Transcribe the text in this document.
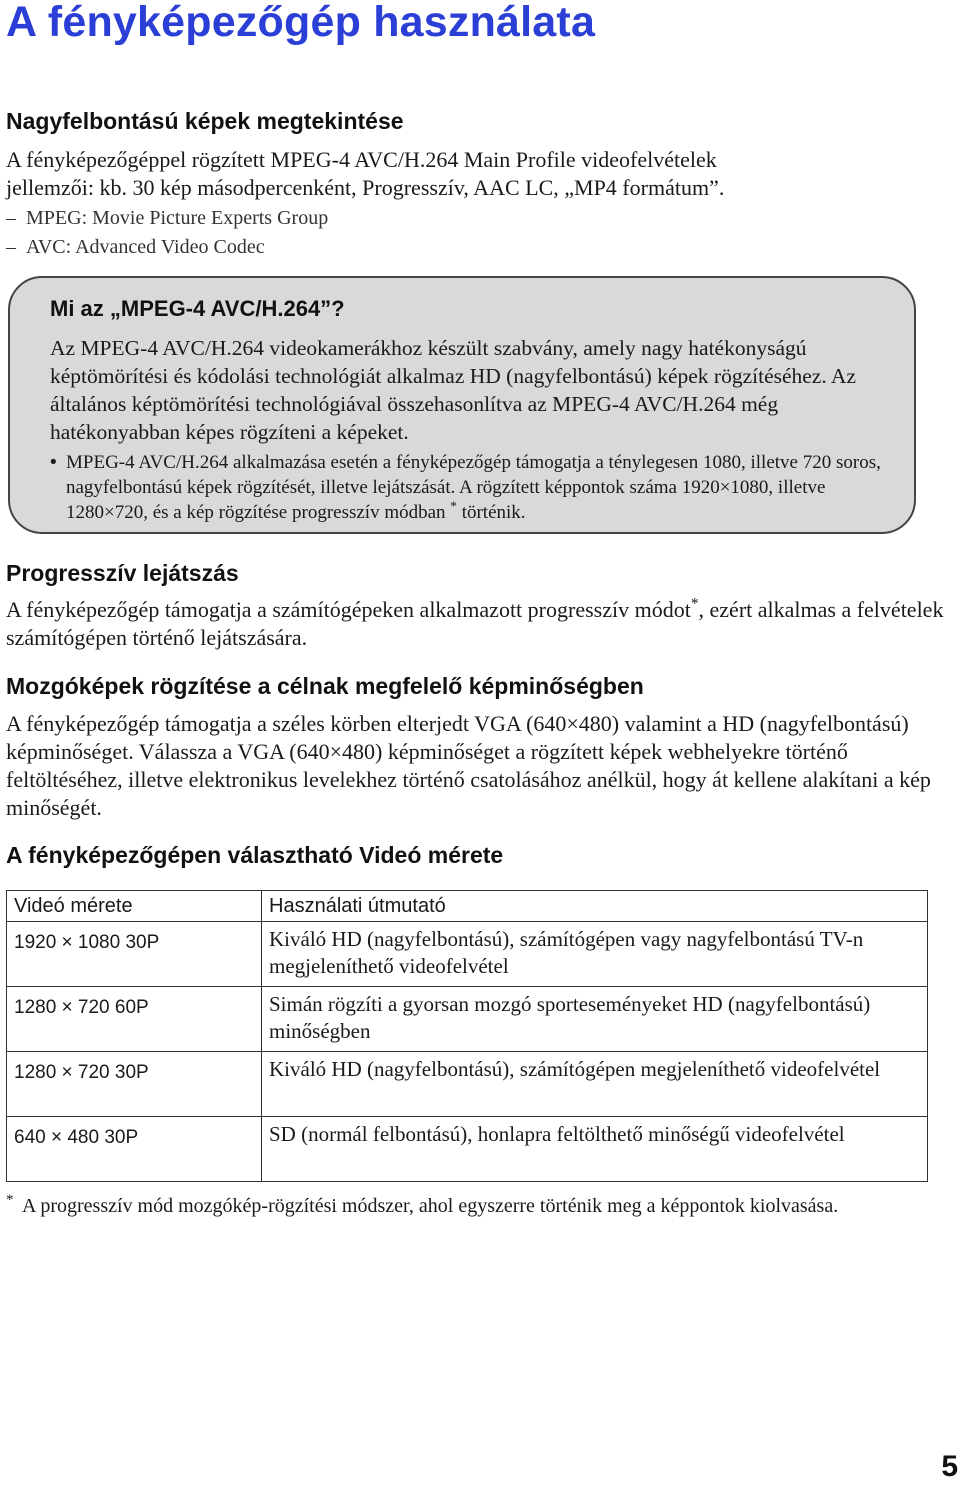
A fényképezőgép használata
Nagyfelbontású képek megtekintése

A fényképezőgéppel rögzített MPEG-4 AVC/H.264 Main Profile videofelvételek

jellemzői: kb. 30 kép másodpercenként, Progresszív, AAC LC, „MP4 formátum”.

– MPEG: Movie Picture Experts Group

– AVC: Advanced Video Codec

Mi az „MPEG-4 AVC/H.264”?

Az MPEG-4 AVC/H.264 videokamerákhoz készült szabvány, amely nagy hatékonyságú képtömörítési és kódolási technológiát alkalmaz HD (nagyfelbontású) képek rögzítéséhez. Az általános képtömörítési technológiával összehasonlítva az MPEG-4 AVC/H.264 még hatékonyabban képes rögzíteni a képeket.

• MPEG-4 AVC/H.264 alkalmazása esetén a fényképezőgép támogatja a ténylegesen 1080, illetve 720 soros, nagyfelbontású képek rögzítését, illetve lejátszását. A rögzített képpontok száma 1920×1080, illetve 1280×720, és a kép rögzítése progresszív módban * történik.

Progresszív lejátszás

A fényképezőgép támogatja a számítógépeken alkalmazott progresszív módot*, ezért alkalmas a felvételek számítógépen történő lejátszására.

Mozgóképek rögzítése a célnak megfelelő képminőségben

A fényképezőgép támogatja a széles körben elterjedt VGA (640×480) valamint a HD (nagyfelbontású) képminőséget. Válassza a VGA (640×480) képminőséget a rögzített képek webhelyekre történő feltöltéséhez, illetve elektronikus levelekhez történő csatolásához anélkül, hogy át kellene alakítani a kép minőségét.

A fényképezőgépen választható Videó mérete
Videó mérete	Használati útmutató
1920 × 1080 30P	Kiváló HD (nagyfelbontású), számítógépen vagy nagyfelbontású TV-n megjeleníthető videofelvétel
1280 × 720 60P	Simán rögzíti a gyorsan mozgó sporteseményeket HD (nagyfelbontású) minőségben
1280 × 720 30P	Kiváló HD (nagyfelbontású), számítógépen megjeleníthető videofelvétel
640 × 480 30P	SD (normál felbontású), honlapra feltölthető minőségű videofelvétel

* A progresszív mód mozgókép-rögzítési módszer, ahol egyszerre történik meg a képpontok kiolvasása.

5
